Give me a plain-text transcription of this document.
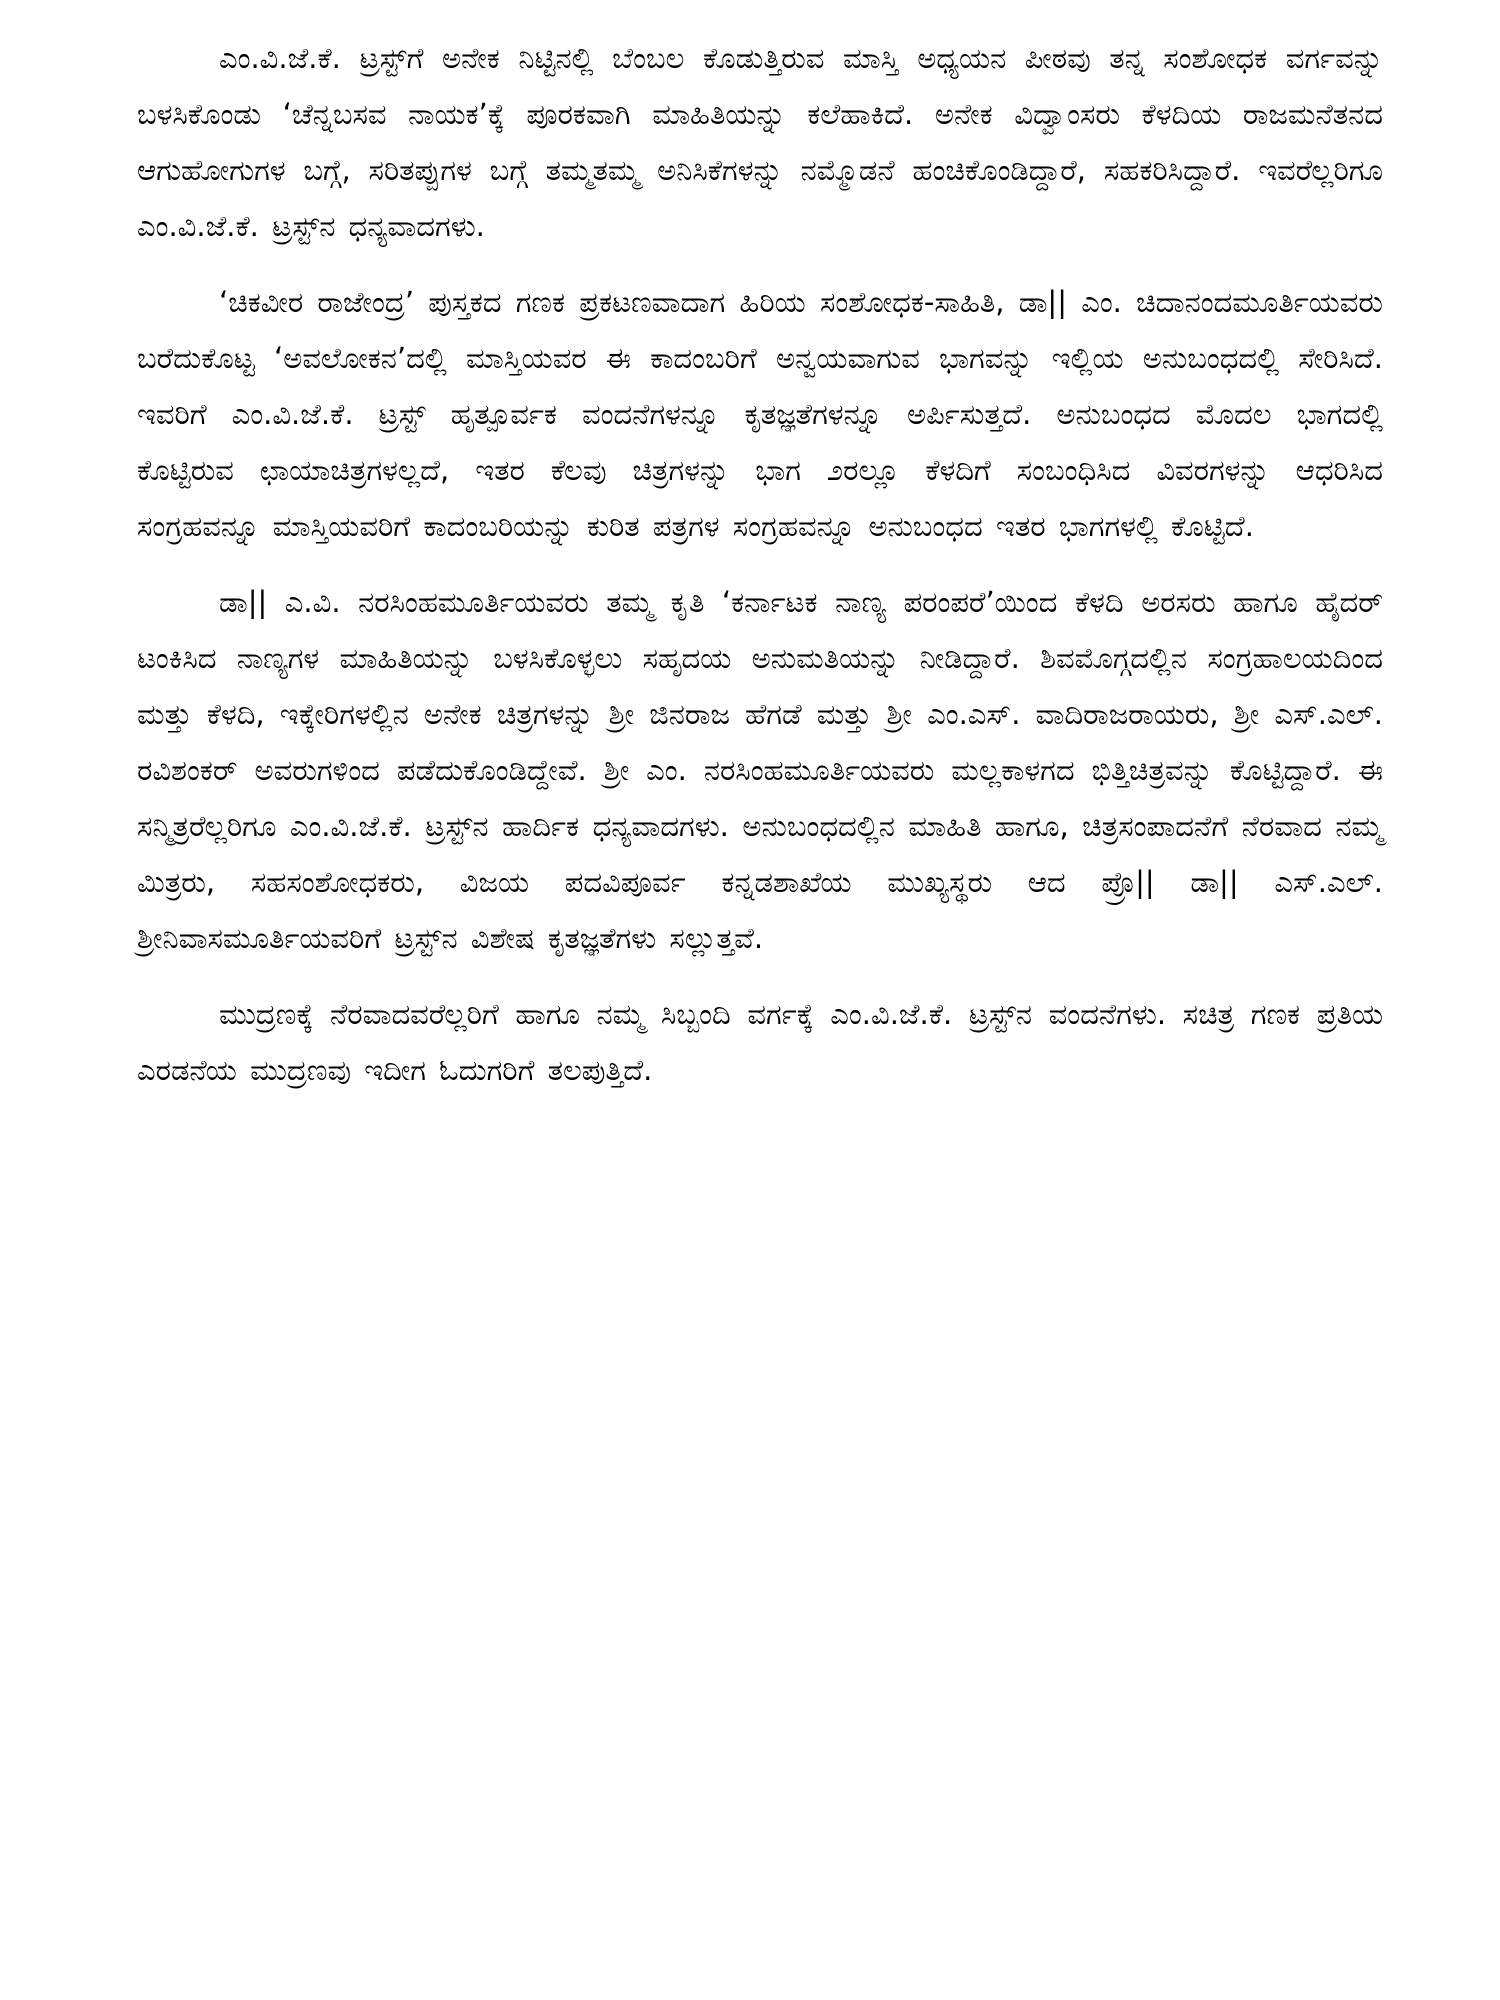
ಎಂ.ವಿ.ಜೆ.ಕೆ. ಟ್ರಸ್ಟ್‌ಗೆ ಅನೇಕ ನಿಟ್ಟಿನಲ್ಲಿ ಬೆಂಬಲ ಕೊಡುತ್ತಿರುವ ಮಾಸ್ತಿ ಅಧ್ಯಯನ ಪೀಠವು ತನ್ನ ಸಂಶೋಧಕ ವರ್ಗವನ್ನು ಬಳಸಿಕೊಂಡು ‘ಚೆನ್ನಬಸವ ನಾಯಕ’ಕ್ಕೆ ಪೂರಕವಾಗಿ ಮಾಹಿತಿಯನ್ನು ಕಲೆಹಾಕಿದೆ. ಅನೇಕ ವಿದ್ವಾಂಸರು ಕೆಳದಿಯ ರಾಜಮನೆತನದ ಆಗುಹೋಗುಗಳ ಬಗ್ಗೆ, ಸರಿತಪ್ಪುಗಳ ಬಗ್ಗೆ ತಮ್ಮತಮ್ಮ ಅನಿಸಿಕೆಗಳನ್ನು ನಮ್ಮೊಡನೆ ಹಂಚಿಕೊಂಡಿದ್ದಾರೆ, ಸಹಕರಿಸಿದ್ದಾರೆ. ಇವರೆಲ್ಲರಿಗೂ ಎಂ.ವಿ.ಜೆ.ಕೆ. ಟ್ರಸ್ಟ್‌ನ ಧನ್ಯವಾದಗಳು.

‘ಚಿಕವೀರ ರಾಜೇಂದ್ರ’ ಪುಸ್ತಕದ ಗಣಕ ಪ್ರಕಟಣವಾದಾಗ ಹಿರಿಯ ಸಂಶೋಧಕ-ಸಾಹಿತಿ, ಡಾ|| ಎಂ. ಚಿದಾನಂದಮೂರ್ತಿಯವರು ಬರೆದುಕೊಟ್ಟ ‘ಅವಲೋಕನ’ದಲ್ಲಿ ಮಾಸ್ತಿಯವರ ಈ ಕಾದಂಬರಿಗೆ ಅನ್ವಯವಾಗುವ ಭಾಗವನ್ನು ಇಲ್ಲಿಯ ಅನುಬಂಧದಲ್ಲಿ ಸೇರಿಸಿದೆ. ಇವರಿಗೆ ಎಂ.ವಿ.ಜೆ.ಕೆ. ಟ್ರಸ್ಟ್ ಹೃತ್ಪೂರ್ವಕ ವಂದನೆಗಳನ್ನೂ ಕೃತಜ್ಞತೆಗಳನ್ನೂ ಅರ್ಪಿಸುತ್ತದೆ. ಅನುಬಂಧದ ಮೊದಲ ಭಾಗದಲ್ಲಿ ಕೊಟ್ಟಿರುವ ಛಾಯಾಚಿತ್ರಗಳಲ್ಲದೆ, ಇತರ ಕೆಲವು ಚಿತ್ರಗಳನ್ನು ಭಾಗ ೨ರಲ್ಲೂ ಕೆಳದಿಗೆ ಸಂಬಂಧಿಸಿದ ವಿವರಗಳನ್ನು ಆಧರಿಸಿದ ಸಂಗ್ರಹವನ್ನೂ ಮಾಸ್ತಿಯವರಿಗೆ ಕಾದಂಬರಿಯನ್ನು ಕುರಿತ ಪತ್ರಗಳ ಸಂಗ್ರಹವನ್ನೂ ಅನುಬಂಧದ ಇತರ ಭಾಗಗಳಲ್ಲಿ ಕೊಟ್ಟಿದೆ.

ಡಾ|| ಎ.ವಿ. ನರಸಿಂಹಮೂರ್ತಿಯವರು ತಮ್ಮ ಕೃತಿ ‘ಕರ್ನಾಟಕ ನಾಣ್ಯ ಪರಂಪರೆ’ಯಿಂದ ಕೆಳದಿ ಅರಸರು ಹಾಗೂ ಹೈದರ್ ಟಂಕಿಸಿದ ನಾಣ್ಯಗಳ ಮಾಹಿತಿಯನ್ನು ಬಳಸಿಕೊಳ್ಳಲು ಸಹೃದಯ ಅನುಮತಿಯನ್ನು ನೀಡಿದ್ದಾರೆ. ಶಿವಮೊಗ್ಗದಲ್ಲಿನ ಸಂಗ್ರಹಾಲಯದಿಂದ ಮತ್ತು ಕೆಳದಿ, ಇಕ್ಕೇರಿಗಳಲ್ಲಿನ ಅನೇಕ ಚಿತ್ರಗಳನ್ನು ಶ್ರೀ ಜಿನರಾಜ ಹೆಗಡೆ ಮತ್ತು ಶ್ರೀ ಎಂ.ಎಸ್. ವಾದಿರಾಜರಾಯರು, ಶ್ರೀ ಎಸ್.ಎಲ್. ರವಿಶಂಕರ್ ಅವರುಗಳಿಂದ ಪಡೆದುಕೊಂಡಿದ್ದೇವೆ. ಶ್ರೀ ಎಂ. ನರಸಿಂಹಮೂರ್ತಿಯವರು ಮಲ್ಲಕಾಳಗದ ಭಿತ್ತಿಚಿತ್ರವನ್ನು ಕೊಟ್ಟಿದ್ದಾರೆ. ಈ ಸನ್ಮಿತ್ರರೆಲ್ಲರಿಗೂ ಎಂ.ವಿ.ಜೆ.ಕೆ. ಟ್ರಸ್ಟ್‌ನ ಹಾರ್ದಿಕ ಧನ್ಯವಾದಗಳು. ಅನುಬಂಧದಲ್ಲಿನ ಮಾಹಿತಿ ಹಾಗೂ, ಚಿತ್ರಸಂಪಾದನೆಗೆ ನೆರವಾದ ನಮ್ಮ ಮಿತ್ರರು, ಸಹಸಂಶೋಧಕರು, ವಿಜಯ ಪದವಿಪೂರ್ವ ಕನ್ನಡಶಾಖೆಯ ಮುಖ್ಯಸ್ಥರು ಆದ ಪ್ರೊ|| ಡಾ|| ಎಸ್.ಎಲ್. ಶ್ರೀನಿವಾಸಮೂರ್ತಿಯವರಿಗೆ ಟ್ರಸ್ಟ್‌ನ ವಿಶೇಷ ಕೃತಜ್ಞತೆಗಳು ಸಲ್ಲುತ್ತವೆ.

ಮುದ್ರಣಕ್ಕೆ ನೆರವಾದವರೆಲ್ಲರಿಗೆ ಹಾಗೂ ನಮ್ಮ ಸಿಬ್ಬಂದಿ ವರ್ಗಕ್ಕೆ ಎಂ.ವಿ.ಜೆ.ಕೆ. ಟ್ರಸ್ಟ್‌ನ ವಂದನೆಗಳು. ಸಚಿತ್ರ ಗಣಕ ಪ್ರತಿಯ ಎರಡನೆಯ ಮುದ್ರಣವು ಇದೀಗ ಓದುಗರಿಗೆ ತಲಪುತ್ತಿದೆ.
